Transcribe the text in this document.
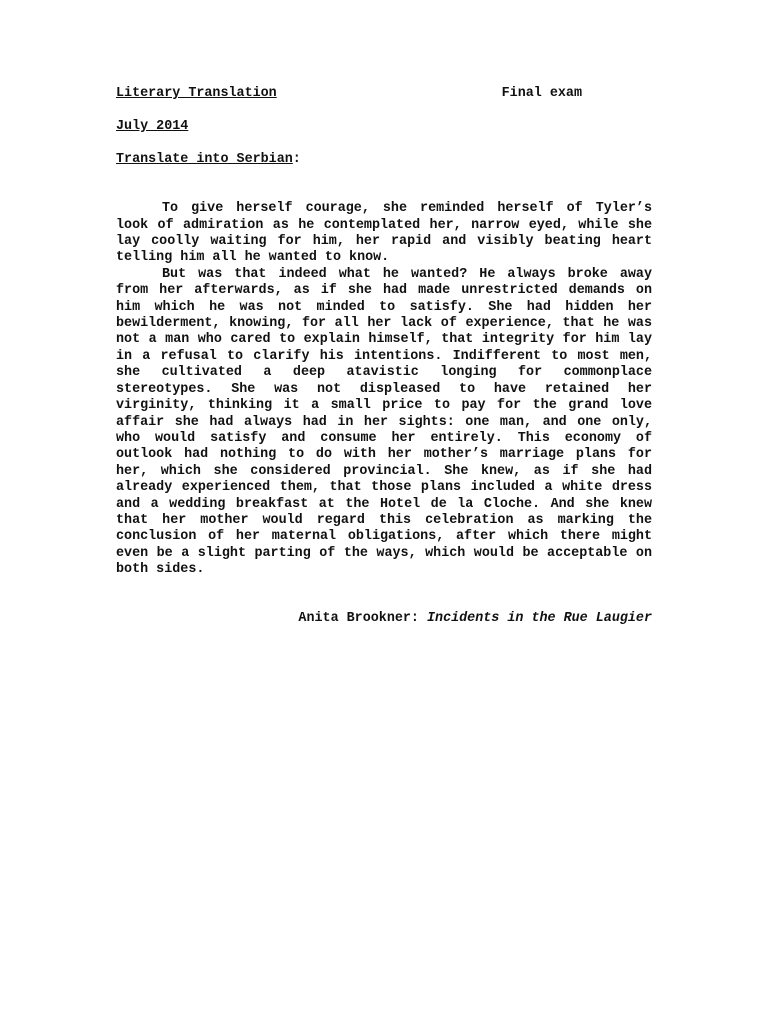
Literary Translation	Final exam

July 2014

Translate into Serbian:

To give herself courage, she reminded herself of Tyler’s look of admiration as he contemplated her, narrow eyed, while she lay coolly waiting for him, her rapid and visibly beating heart telling him all he wanted to know.

But was that indeed what he wanted? He always broke away from her afterwards, as if she had made unrestricted demands on him which he was not minded to satisfy. She had hidden her bewilderment, knowing, for all her lack of experience, that he was not a man who cared to explain himself, that integrity for him lay in a refusal to clarify his intentions. Indifferent to most men, she cultivated a deep atavistic longing for commonplace stereotypes. She was not displeased to have retained her virginity, thinking it a small price to pay for the grand love affair she had always had in her sights: one man, and one only, who would satisfy and consume her entirely. This economy of outlook had nothing to do with her mother’s marriage plans for her, which she considered provincial. She knew, as if she had already experienced them, that those plans included a white dress and a wedding breakfast at the Hotel de la Cloche. And she knew that her mother would regard this celebration as marking the conclusion of her maternal obligations, after which there might even be a slight parting of the ways, which would be acceptable on both sides.

Anita Brookner: Incidents in the Rue Laugier
